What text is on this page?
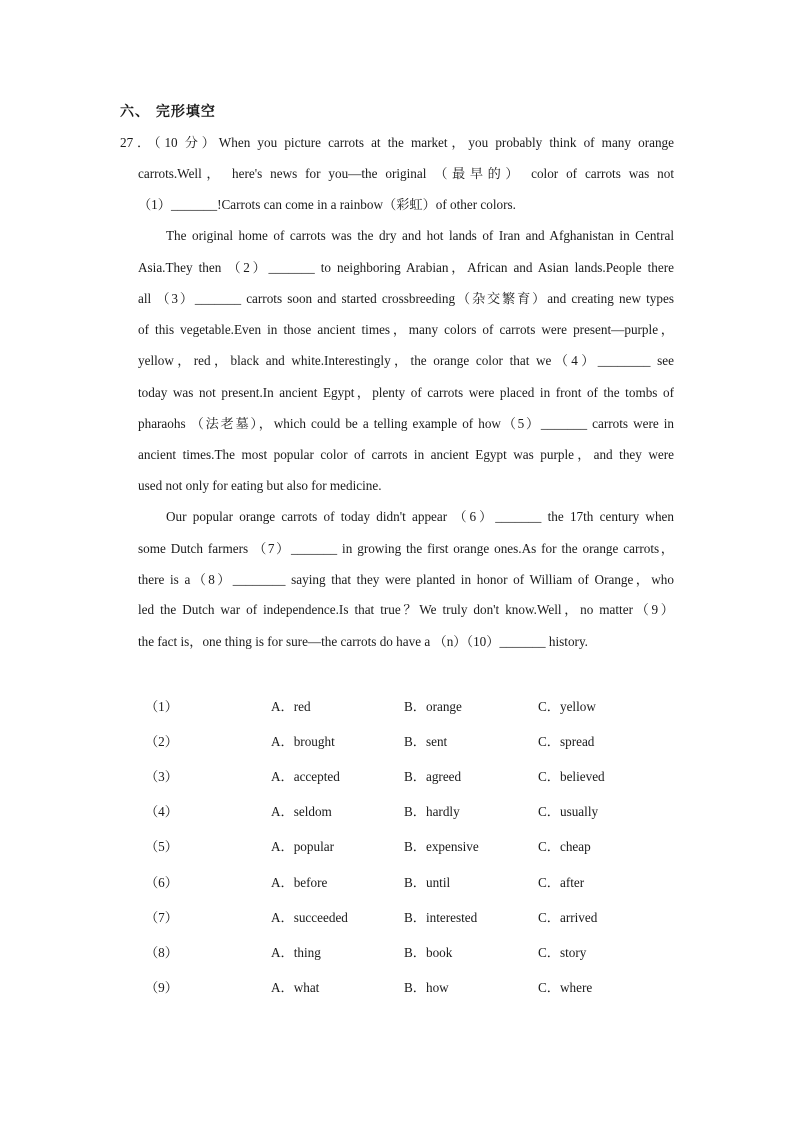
六、 完形填空
27．（10 分）When you picture carrots at the market，you probably think of many orange
carrots.Well， here's news for you—the original （最早的） color of carrots was not
（1）_______!Carrots can come in a rainbow（彩虹）of other colors.
The original home of carrots was the dry and hot lands of Iran and Afghanistan in Central
Asia.They then （2）_______ to neighboring Arabian，African and Asian lands.People there
all （3）_______ carrots soon and started crossbreeding（杂交繁育）and creating new types
of this vegetable.Even in those ancient times，many colors of carrots were present—purple，
yellow，red，black and white.Interestingly，the orange color that we（4）________ see
today was not present.In ancient Egypt，plenty of carrots were placed in front of the tombs of
pharaohs （法老墓），which could be a telling example of how（5）_______ carrots were in
ancient times.The most popular color of carrots in ancient Egypt was purple，and they were
used not only for eating but also for medicine.
Our popular orange carrots of today didn't appear （6）_______ the 17th century when
some Dutch farmers （7）_______ in growing the first orange ones.As for the orange carrots，
there is a（8）________ saying that they were planted in honor of William of Orange，who
led the Dutch war of independence.Is that true？We truly don't know.Well，no matter（9）
the fact is，one thing is for sure—the carrots do have a （n）（10）_______ history.
（1）	A．red	B．orange	C．yellow
（2）	A．brought	B．sent	C．spread
（3）	A．accepted	B．agreed	C．believed
（4）	A．seldom	B．hardly	C．usually
（5）	A．popular	B．expensive	C．cheap
（6）	A．before	B．until	C．after
（7）	A．succeeded	B．interested	C．arrived
（8）	A．thing	B．book	C．story
（9）	A．what	B．how	C．where
